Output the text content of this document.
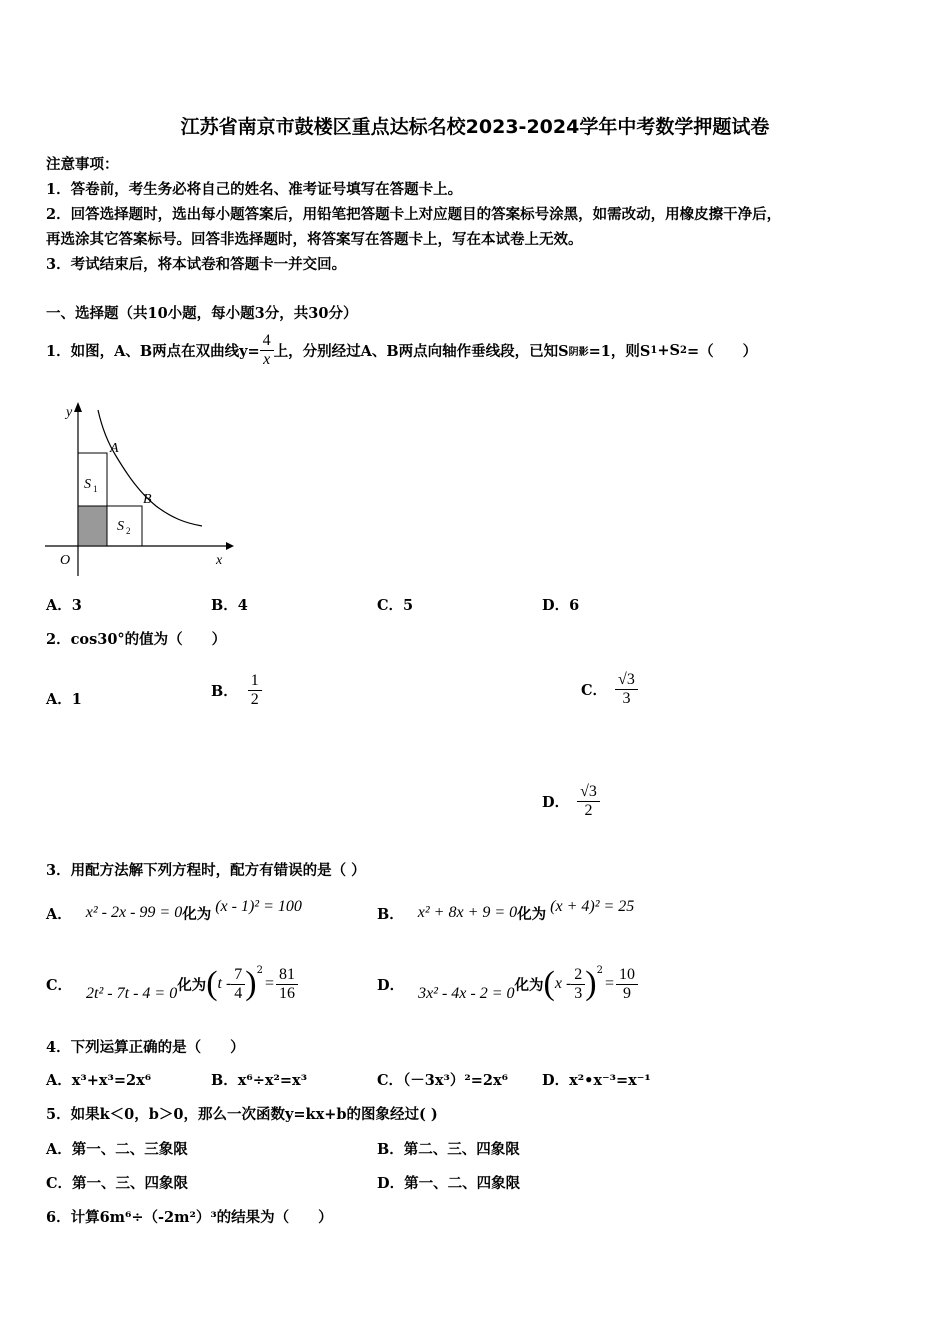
江苏省南京市鼓楼区重点达标名校2023-2024学年中考数学押题试卷
注意事项：
1．答卷前，考生务必将自己的姓名、准考证号填写在答题卡上。
2．回答选择题时，选出每小题答案后，用铅笔把答题卡上对应题目的答案标号涂黑，如需改动，用橡皮擦干净后，
再选涂其它答案标号。回答非选择题时，将答案写在答题卡上，写在本试卷上无效。
3．考试结束后，将本试卷和答题卡一并交回。
一、选择题（共10小题，每小题3分，共30分）
1．如图，A、B两点在双曲线$y= \frac{4}{x}$ 上，分别经过A、B两点向轴作垂线段，已知S 阴影 =1，则S 1 +S 2 =（　　）
y
x
O
A
B
S 1
S 2
A．3	B．4	C．5	D．6
2．cos30°的值为（　　）
A．1	B． $\frac{1}{2}$	C． $\frac{√3}{3}$
D． $\frac{√3}{2}$
3．用配方法解下列方程时，配方有错误的是（ ）
A． x² - 2x - 99 = 0 化为 (x - 1)² = 100	B． x² + 8x + 9 = 0 化为 (x + 4)² = 25
C． 2t² - 7t - 4 = 0 化为 ( t - $\frac{7}{4}$ ) 2
= $\frac{81}{16}$	D． 3x² - 4x - 2 = 0 化为 ( x - $\frac{2}{3}$ ) 2
= $\frac{10}{9}$
4．下列运算正确的是（　　）
A．x³+x³=2x⁶	B．x⁶÷x²=x³	C．（－3x³）²=2x⁶ D．x²•x⁻³=x⁻¹
5．如果k＜0，b＞0，那么一次函数y=kx+b的图象经过( )
A．第一、二、三象限	B．第二、三、四象限
C．第一、三、四象限	D．第一、二、四象限
6．计算6m⁶÷（-2m²）³的结果为（　　）
